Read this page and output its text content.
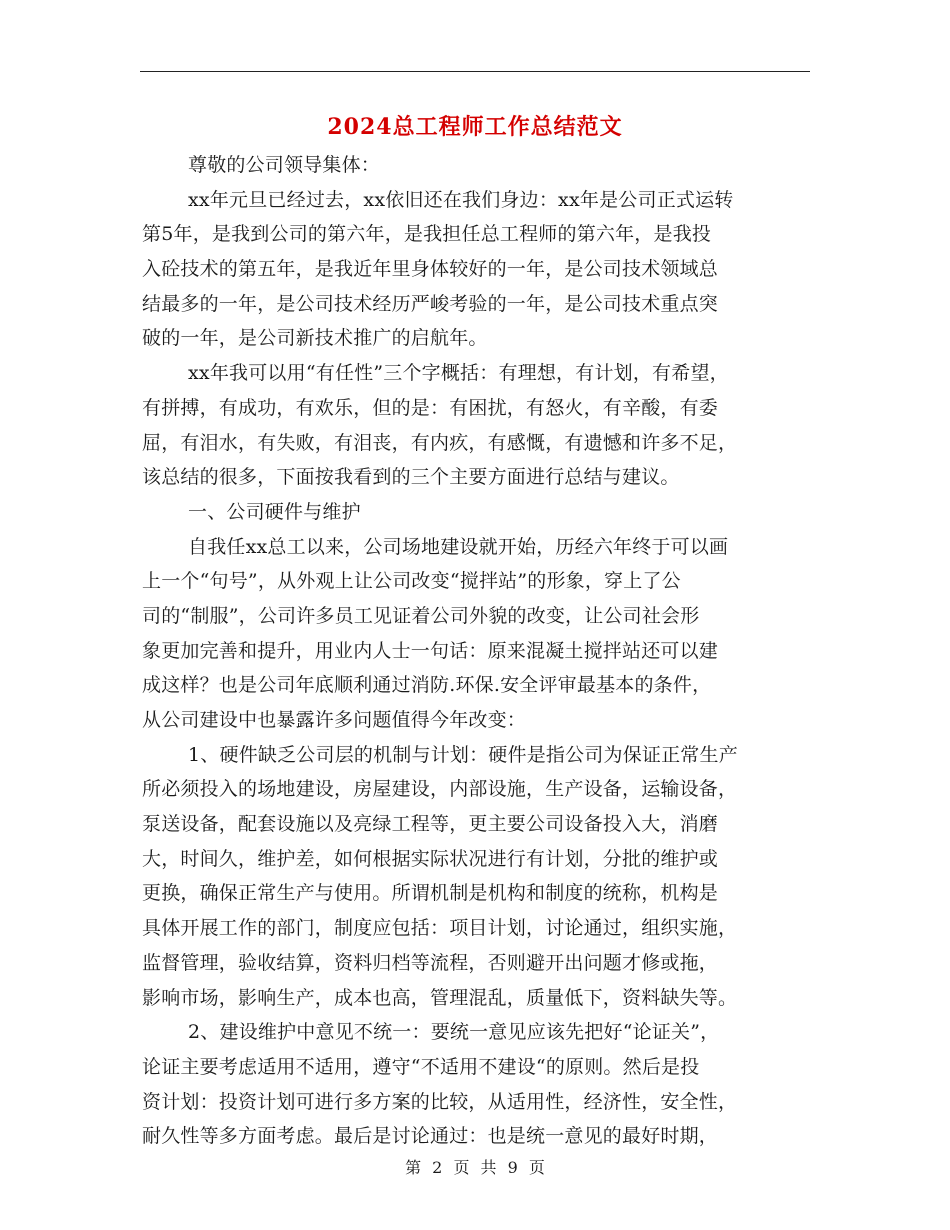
2024总工程师工作总结范文
尊敬的公司领导集体：
xx年元旦已经过去，xx依旧还在我们身边：xx年是公司正式运转
第5年，是我到公司的第六年，是我担任总工程师的第六年，是我投
入砼技术的第五年，是我近年里身体较好的一年，是公司技术领域总
结最多的一年，是公司技术经历严峻考验的一年，是公司技术重点突
破的一年，是公司新技术推广的启航年。
xx年我可以用“有任性”三个字概括：有理想，有计划，有希望，
有拼搏，有成功，有欢乐，但的是：有困扰，有怒火，有辛酸，有委
屈，有泪水，有失败，有泪丧，有内疚，有感慨，有遗憾和许多不足，
该总结的很多，下面按我看到的三个主要方面进行总结与建议。
一、公司硬件与维护
自我任xx总工以来，公司场地建设就开始，历经六年终于可以画
上一个“句号”，从外观上让公司改变“搅拌站”的形象，穿上了公
司的“制服”，公司许多员工见证着公司外貌的改变，让公司社会形
象更加完善和提升，用业内人士一句话：原来混凝土搅拌站还可以建
成这样？也是公司年底顺利通过消防.环保.安全评审最基本的条件，
从公司建设中也暴露许多问题值得今年改变：
1、硬件缺乏公司层的机制与计划：硬件是指公司为保证正常生产
所必须投入的场地建设，房屋建设，内部设施，生产设备，运输设备，
泵送设备，配套设施以及亮绿工程等，更主要公司设备投入大，消磨
大，时间久，维护差，如何根据实际状况进行有计划，分批的维护或
更换，确保正常生产与使用。所谓机制是机构和制度的统称，机构是
具体开展工作的部门，制度应包括：项目计划，讨论通过，组织实施，
监督管理，验收结算，资料归档等流程，否则避开出问题才修或拖，
影响市场，影响生产，成本也高，管理混乱，质量低下，资料缺失等。
2、建设维护中意见不统一：要统一意见应该先把好“论证关”，
论证主要考虑适用不适用，遵守“不适用不建设“的原则。然后是投
资计划：投资计划可进行多方案的比较，从适用性，经济性，安全性，
耐久性等多方面考虑。最后是讨论通过：也是统一意见的最好时期，
第 2 页 共 9 页
